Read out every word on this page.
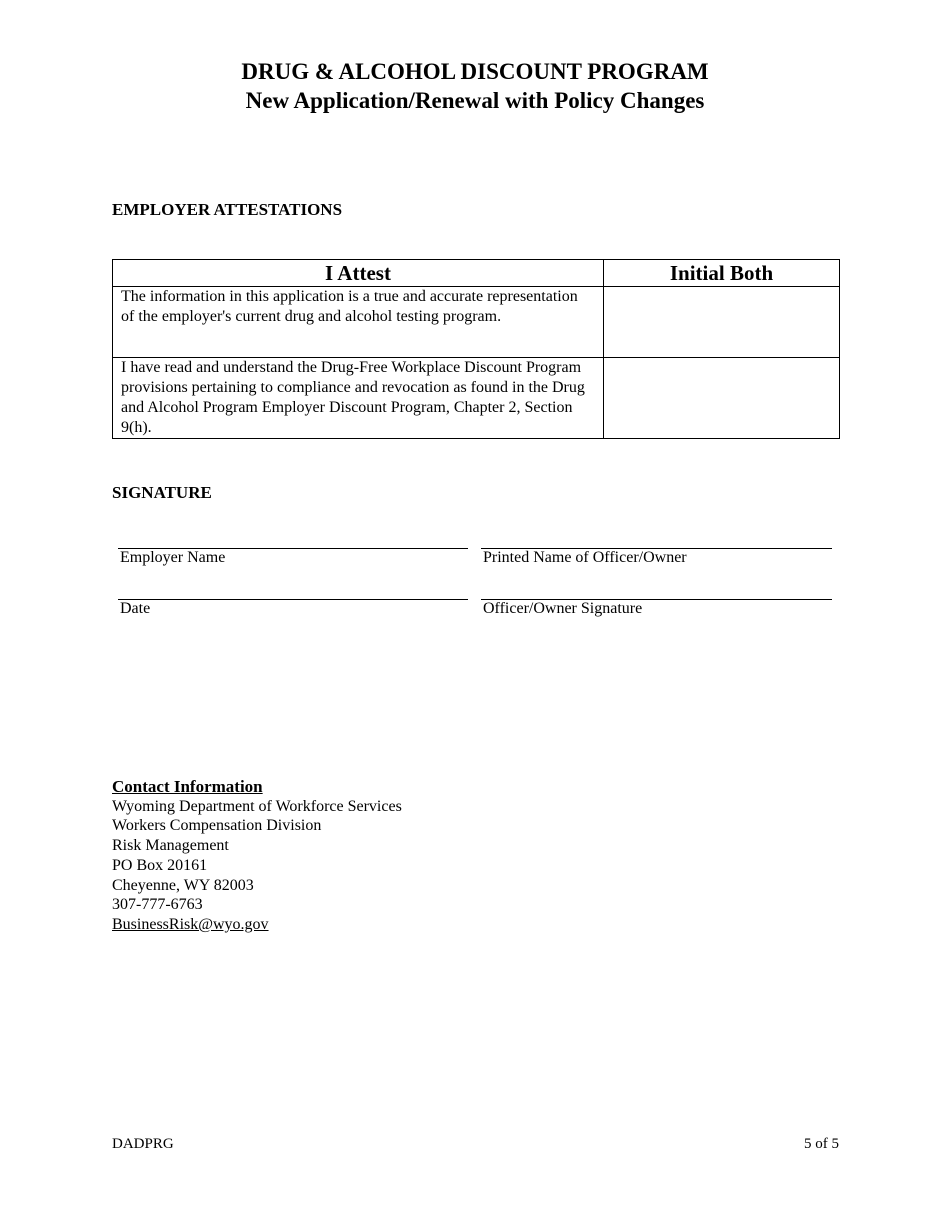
DRUG & ALCOHOL DISCOUNT PROGRAM
New Application/Renewal with Policy Changes
EMPLOYER ATTESTATIONS
I Attest	Initial Both

The information in this application is a true and accurate representation of the employer's current drug and alcohol testing program.	

I have read and understand the Drug-Free Workplace Discount Program provisions pertaining to compliance and revocation as found in the Drug and Alcohol Program Employer Discount Program, Chapter 2, Section 9(h).	

SIGNATURE
Employer Name	Printed Name of Officer/Owner
Date	Officer/Owner Signature
Contact Information
Wyoming Department of Workforce Services
Workers Compensation Division
Risk Management
PO Box 20161
Cheyenne, WY 82003
307-777-6763
BusinessRisk@wyo.gov
DADPRG	5 of 5
